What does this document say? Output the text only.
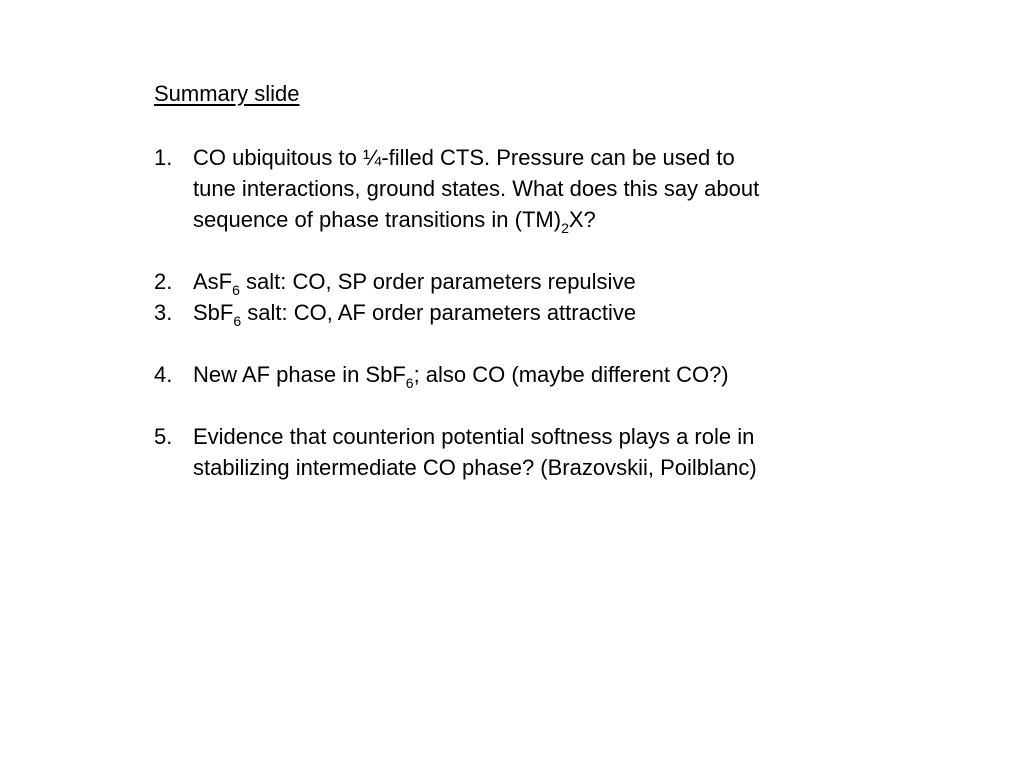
Summary slide
1. CO ubiquitous to ¼-filled CTS. Pressure can be used to
tune interactions, ground states. What does this say about
sequence of phase transitions in $(TM)_2X$?
2. AsF$_6$ salt: CO, SP order parameters repulsive
3. SbF$_6$ salt: CO, AF order parameters attractive
4. New AF phase in SbF$_6$; also CO (maybe different CO?)
5. Evidence that counterion potential softness plays a role in
stabilizing intermediate CO phase? (Brazovskii, Poilblanc)
